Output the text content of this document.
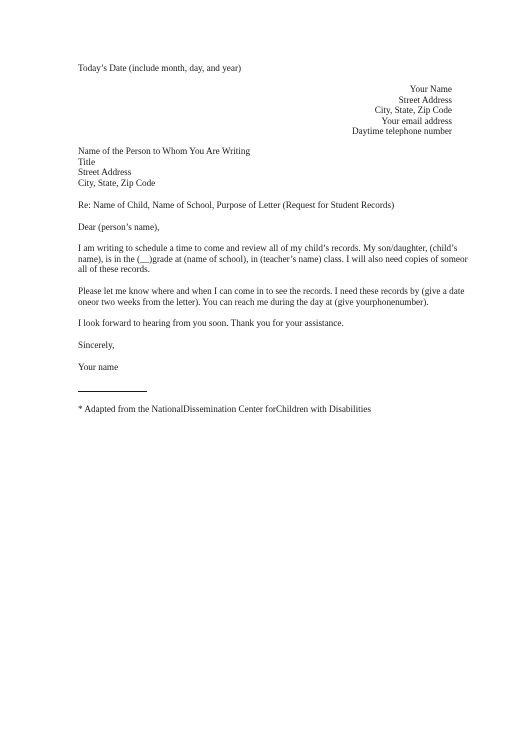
Today’s Date (include month, day, and year)
Your Name
Street Address
City, State, Zip Code
Your email address
Daytime telephone number
Name of the Person to Whom You Are Writing
Title
Street Address
City, State, Zip Code
Re: Name of Child, Name of School, Purpose of Letter (Request for Student Records)
Dear (person’s name),
I am writing to schedule a time to come and review all of my child’s records. My son/daughter, (child’s
name), is in the (__)grade at (name of school), in (teacher’s name) class. I will also need copies of someor
all of these records.
Please let me know where and when I can come in to see the records. I need these records by (give a date
oneor two weeks from the letter). You can reach me during the day at (give yourphonenumber).
I look forward to hearing from you soon. Thank you for your assistance.
Sincerely,
Your name
* Adapted from the NationalDissemination Center forChildren with Disabilities
